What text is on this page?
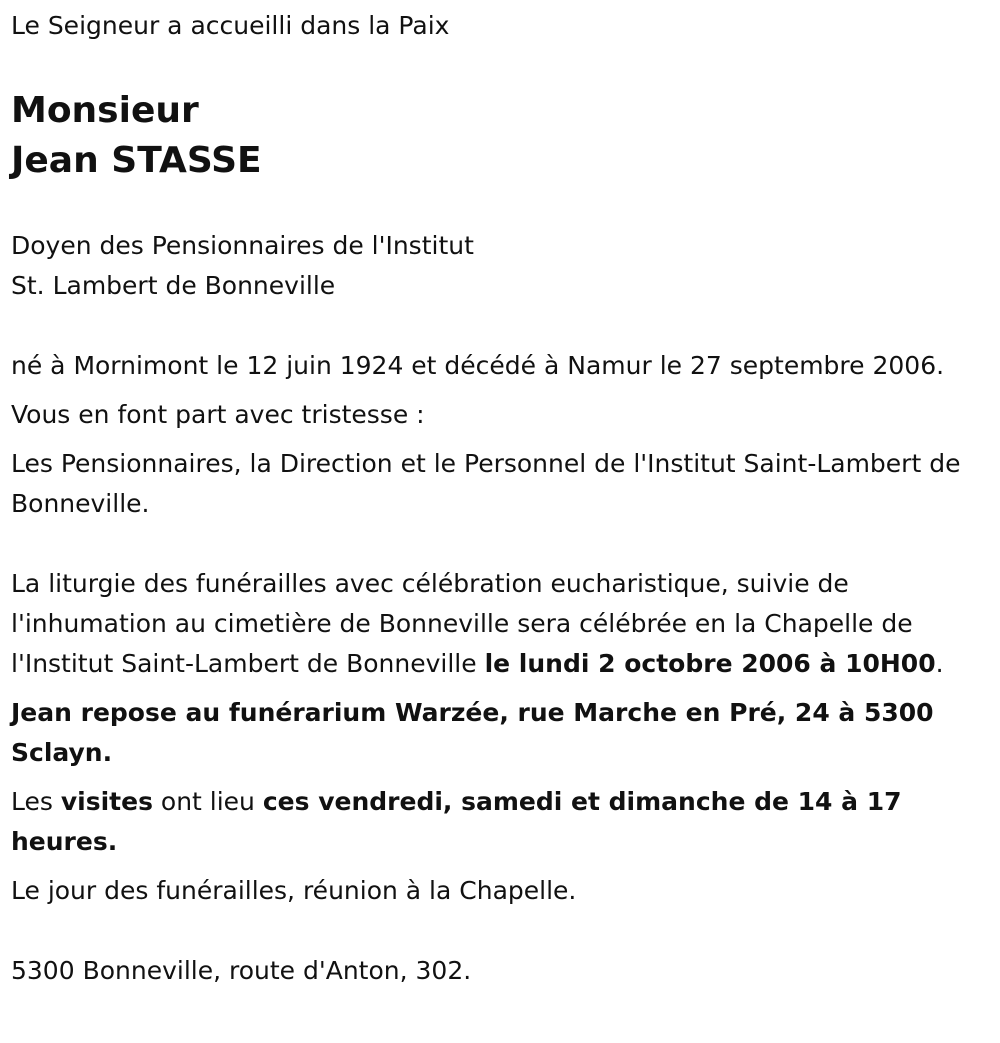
Le Seigneur a accueilli dans la Paix

Monsieur
Jean STASSE
Doyen des Pensionnaires de l'Institut
St. Lambert de Bonneville

né à Mornimont le 12 juin 1924 et décédé à Namur le 27 septembre 2006.

Vous en font part avec tristesse :

Les Pensionnaires, la Direction et le Personnel de l'Institut Saint-Lambert de Bonneville.

La liturgie des funérailles avec célébration eucharistique, suivie de l'inhumation au cimetière de Bonneville sera célébrée en la Chapelle de l'Institut Saint-Lambert de Bonneville le lundi 2 octobre 2006 à 10H00.

Jean repose au funérarium Warzée, rue Marche en Pré, 24 à 5300 Sclayn.

Les visites ont lieu ces vendredi, samedi et dimanche de 14 à 17 heures.

Le jour des funérailles, réunion à la Chapelle.

5300 Bonneville, route d'Anton, 302.
